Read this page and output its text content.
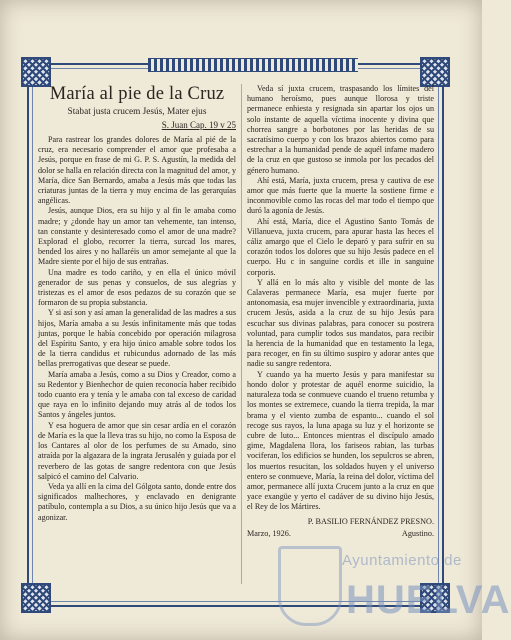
María al pie de la Cruz
Stabat justa crucem Jesús, Mater ejus
S. Juan Cap. 19 v 25

Para rastrear los grandes dolores de María al pié de la cruz, era necesario comprender el amor que profesaba a Jesús, porque en frase de mi G. P. S. Agustín, la medida del dolor se halla en relación directa con la magnitud del amor, y María, dice San Bernardo, amaba a Jesús más que todas las criaturas juntas de la tierra y muy encima de las gerarquías angélicas.

Jesús, aunque Dios, era su hijo y al fin le amaba como madre; y ¿donde hay un amor tan vehemente, tan intenso, tan constante y desinteresado como el amor de una madre? Explorad el globo, recorrer la tierra, surcad los mares, bended los aires y no hallaréis un amor semejante al que la Madre siente por el hijo de sus entrañas.

Una madre es todo cariño, y en ella el único móvil generador de sus penas y consuelos, de sus alegrías y tristezas es el amor de esos pedazos de su corazón que se formaron de su propia substancia.

Y si así son y así aman la generalidad de las madres a sus hijos, María amaba a su Jesús infinitamente más que todas juntas, porque le había concebido por operación milagrosa del Espíritu Santo, y era hijo único amable sobre todos los de la tierra candidus et rubicundus adornado de las más bellas prerrogativas que desear se puede.

María amaba a Jesús, como a su Dios y Creador, como a su Redentor y Bienhechor de quien reconocía haber recibido todo cuanto era y tenía y le amaba con tal exceso de caridad que raya en lo infinito dejando muy atrás al de todos los Santos y ángeles juntos.

Y esa hoguera de amor que sin cesar ardía en el corazón de María es la que la lleva tras su hijo, no como la Esposa de los Cantares al olor de los perfumes de su Amado, sino atraída por la algazara de la ingrata Jerusalén y guiada por el reverbero de las gotas de sangre redentora con que Jesús salpicó el camino del Calvario.

Veda ya allí en la cima del Gólgota santo, donde entre dos significados malhechores, y enclavado en denigrante patíbulo, contempla a su Dios, a su único hijo Jesús que va a agonizar.

Veda sí juxta crucem, traspasando los límites del humano heroísmo, pues aunque llorosa y triste permanece enhiesta y resignada sin apartar los ojos un solo instante de aquella víctima inocente y divina que chorrea sangre a borbotones por las heridas de su sacratísimo cuerpo y con los brazos abiertos como para estrechar a la humanidad pende de aquél infame madero de la cruz en que gustoso se inmola por los pecados del género humano.

Ahí está, María, juxta crucem, presa y cautiva de ese amor que más fuerte que la muerte la sostiene firme e inconmovible como las rocas del mar todo el tiempo que duró la agonía de Jesús.

Ahí está, María, dice el Agustino Santo Tomás de Villanueva, juxta crucem, para apurar hasta las heces el cáliz amargo que el Cielo le deparó y para sufrir en su corazón todos los dolores que su hijo Jesús padece en el cuerpo. Hu c in sanguine cordis et ille in sanguine corporis.

Y allá en lo más alto y visible del monte de las Calaveras permanece María, esa mujer fuerte por antonomasia, esa mujer invencible y extraordinaria, juxta crucem Jesús, asida a la cruz de su hijo Jesús para escuchar sus divinas palabras, para conocer su postrera voluntad, para cumplir todos sus mandatos, para recibir la herencia de la humanidad que en testamento la lega, para recoger, en fin su último suspiro y adorar antes que nadie su sangre redentora.

Y cuando ya ha muerto Jesús y para manifestar su hondo dolor y protestar de aquél enorme suicidio, la naturaleza toda se conmueve cuando el trueno retumba y los montes se extremece, cuando la tierra trepida, la mar brama y el viento zumba de espanto... cuando el sol recoge sus rayos, la luna apaga su luz y el horizonte se cubre de luto... Entonces mientras el discípulo amado gime, Magdalena llora, los fariseos rabian, las turbas vociferan, los edificios se hunden, los sepulcros se abren, los muertos resucitan, los soldados huyen y el universo entero se conmueve, María, la reina del dolor, víctima del amor, permanece allí juxta Crucem junto a la cruz en que yace exangüe y yerto el cadáver de su divino hijo Jesús, el Rey de los Mártires.

P. BASILIO FERNÁNDEZ PRESNO.
Marzo, 1926.	Agustino.
Ayuntamiento de
HUELVA
